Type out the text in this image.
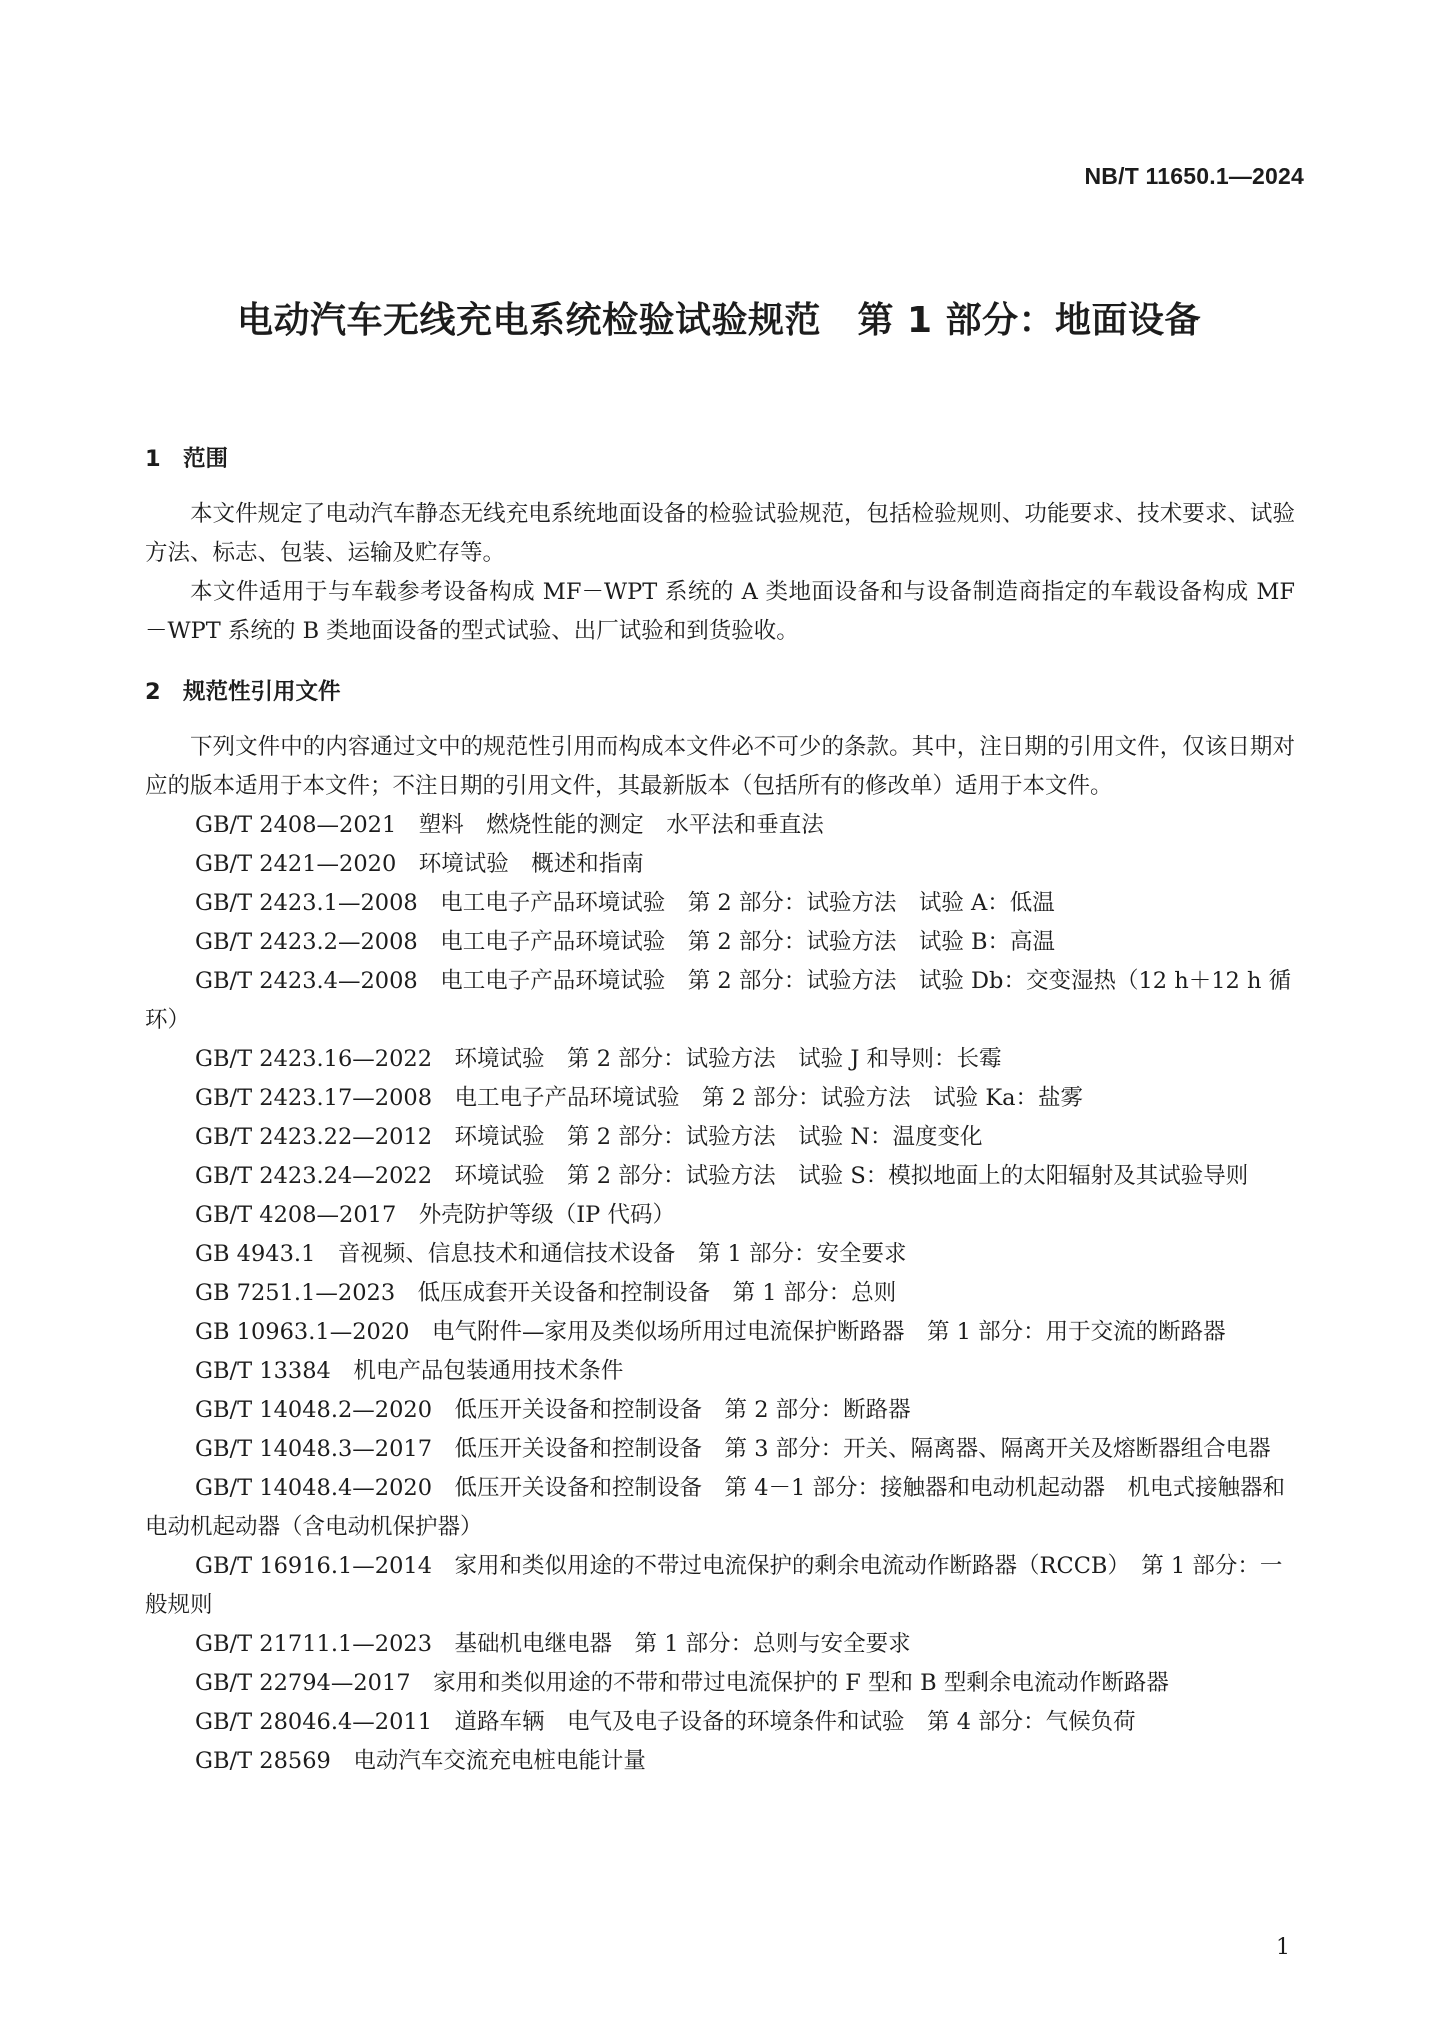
NB/T 11650.1—2024
电动汽车无线充电系统检验试验规范　第 1 部分：地面设备
1 范围

本文件规定了电动汽车静态无线充电系统地面设备的检验试验规范，包括检验规则、功能要求、技术要求、试验方法、标志、包装、运输及贮存等。

本文件适用于与车载参考设备构成 MF－WPT 系统的 A 类地面设备和与设备制造商指定的车载设备构成 MF－WPT 系统的 B 类地面设备的型式试验、出厂试验和到货验收。

2 规范性引用文件

下列文件中的内容通过文中的规范性引用而构成本文件必不可少的条款。其中，注日期的引用文件，仅该日期对应的版本适用于本文件；不注日期的引用文件，其最新版本（包括所有的修改单）适用于本文件。

GB/T 2408—2021　塑料　燃烧性能的测定　水平法和垂直法

GB/T 2421—2020　环境试验　概述和指南

GB/T 2423.1—2008　电工电子产品环境试验　第 2 部分：试验方法　试验 A：低温

GB/T 2423.2—2008　电工电子产品环境试验　第 2 部分：试验方法　试验 B：高温

GB/T 2423.4—2008　电工电子产品环境试验　第 2 部分：试验方法　试验 Db：交变湿热（12 h＋12 h 循环）

GB/T 2423.16—2022　环境试验　第 2 部分：试验方法　试验 J 和导则：长霉

GB/T 2423.17—2008　电工电子产品环境试验　第 2 部分：试验方法　试验 Ka：盐雾

GB/T 2423.22—2012　环境试验　第 2 部分：试验方法　试验 N：温度变化

GB/T 2423.24—2022　环境试验　第 2 部分：试验方法　试验 S：模拟地面上的太阳辐射及其试验导则

GB/T 4208—2017　外壳防护等级（IP 代码）

GB 4943.1　音视频、信息技术和通信技术设备　第 1 部分：安全要求

GB 7251.1—2023　低压成套开关设备和控制设备　第 1 部分：总则

GB 10963.1—2020　电气附件—家用及类似场所用过电流保护断路器　第 1 部分：用于交流的断路器

GB/T 13384　机电产品包装通用技术条件

GB/T 14048.2—2020　低压开关设备和控制设备　第 2 部分：断路器

GB/T 14048.3—2017　低压开关设备和控制设备　第 3 部分：开关、隔离器、隔离开关及熔断器组合电器

GB/T 14048.4—2020　低压开关设备和控制设备　第 4－1 部分：接触器和电动机起动器　机电式接触器和电动机起动器（含电动机保护器）

GB/T 16916.1—2014　家用和类似用途的不带过电流保护的剩余电流动作断路器（RCCB）　第 1 部分：一般规则

GB/T 21711.1—2023　基础机电继电器　第 1 部分：总则与安全要求

GB/T 22794—2017　家用和类似用途的不带和带过电流保护的 F 型和 B 型剩余电流动作断路器

GB/T 28046.4—2011　道路车辆　电气及电子设备的环境条件和试验　第 4 部分：气候负荷

GB/T 28569　电动汽车交流充电桩电能计量

1
